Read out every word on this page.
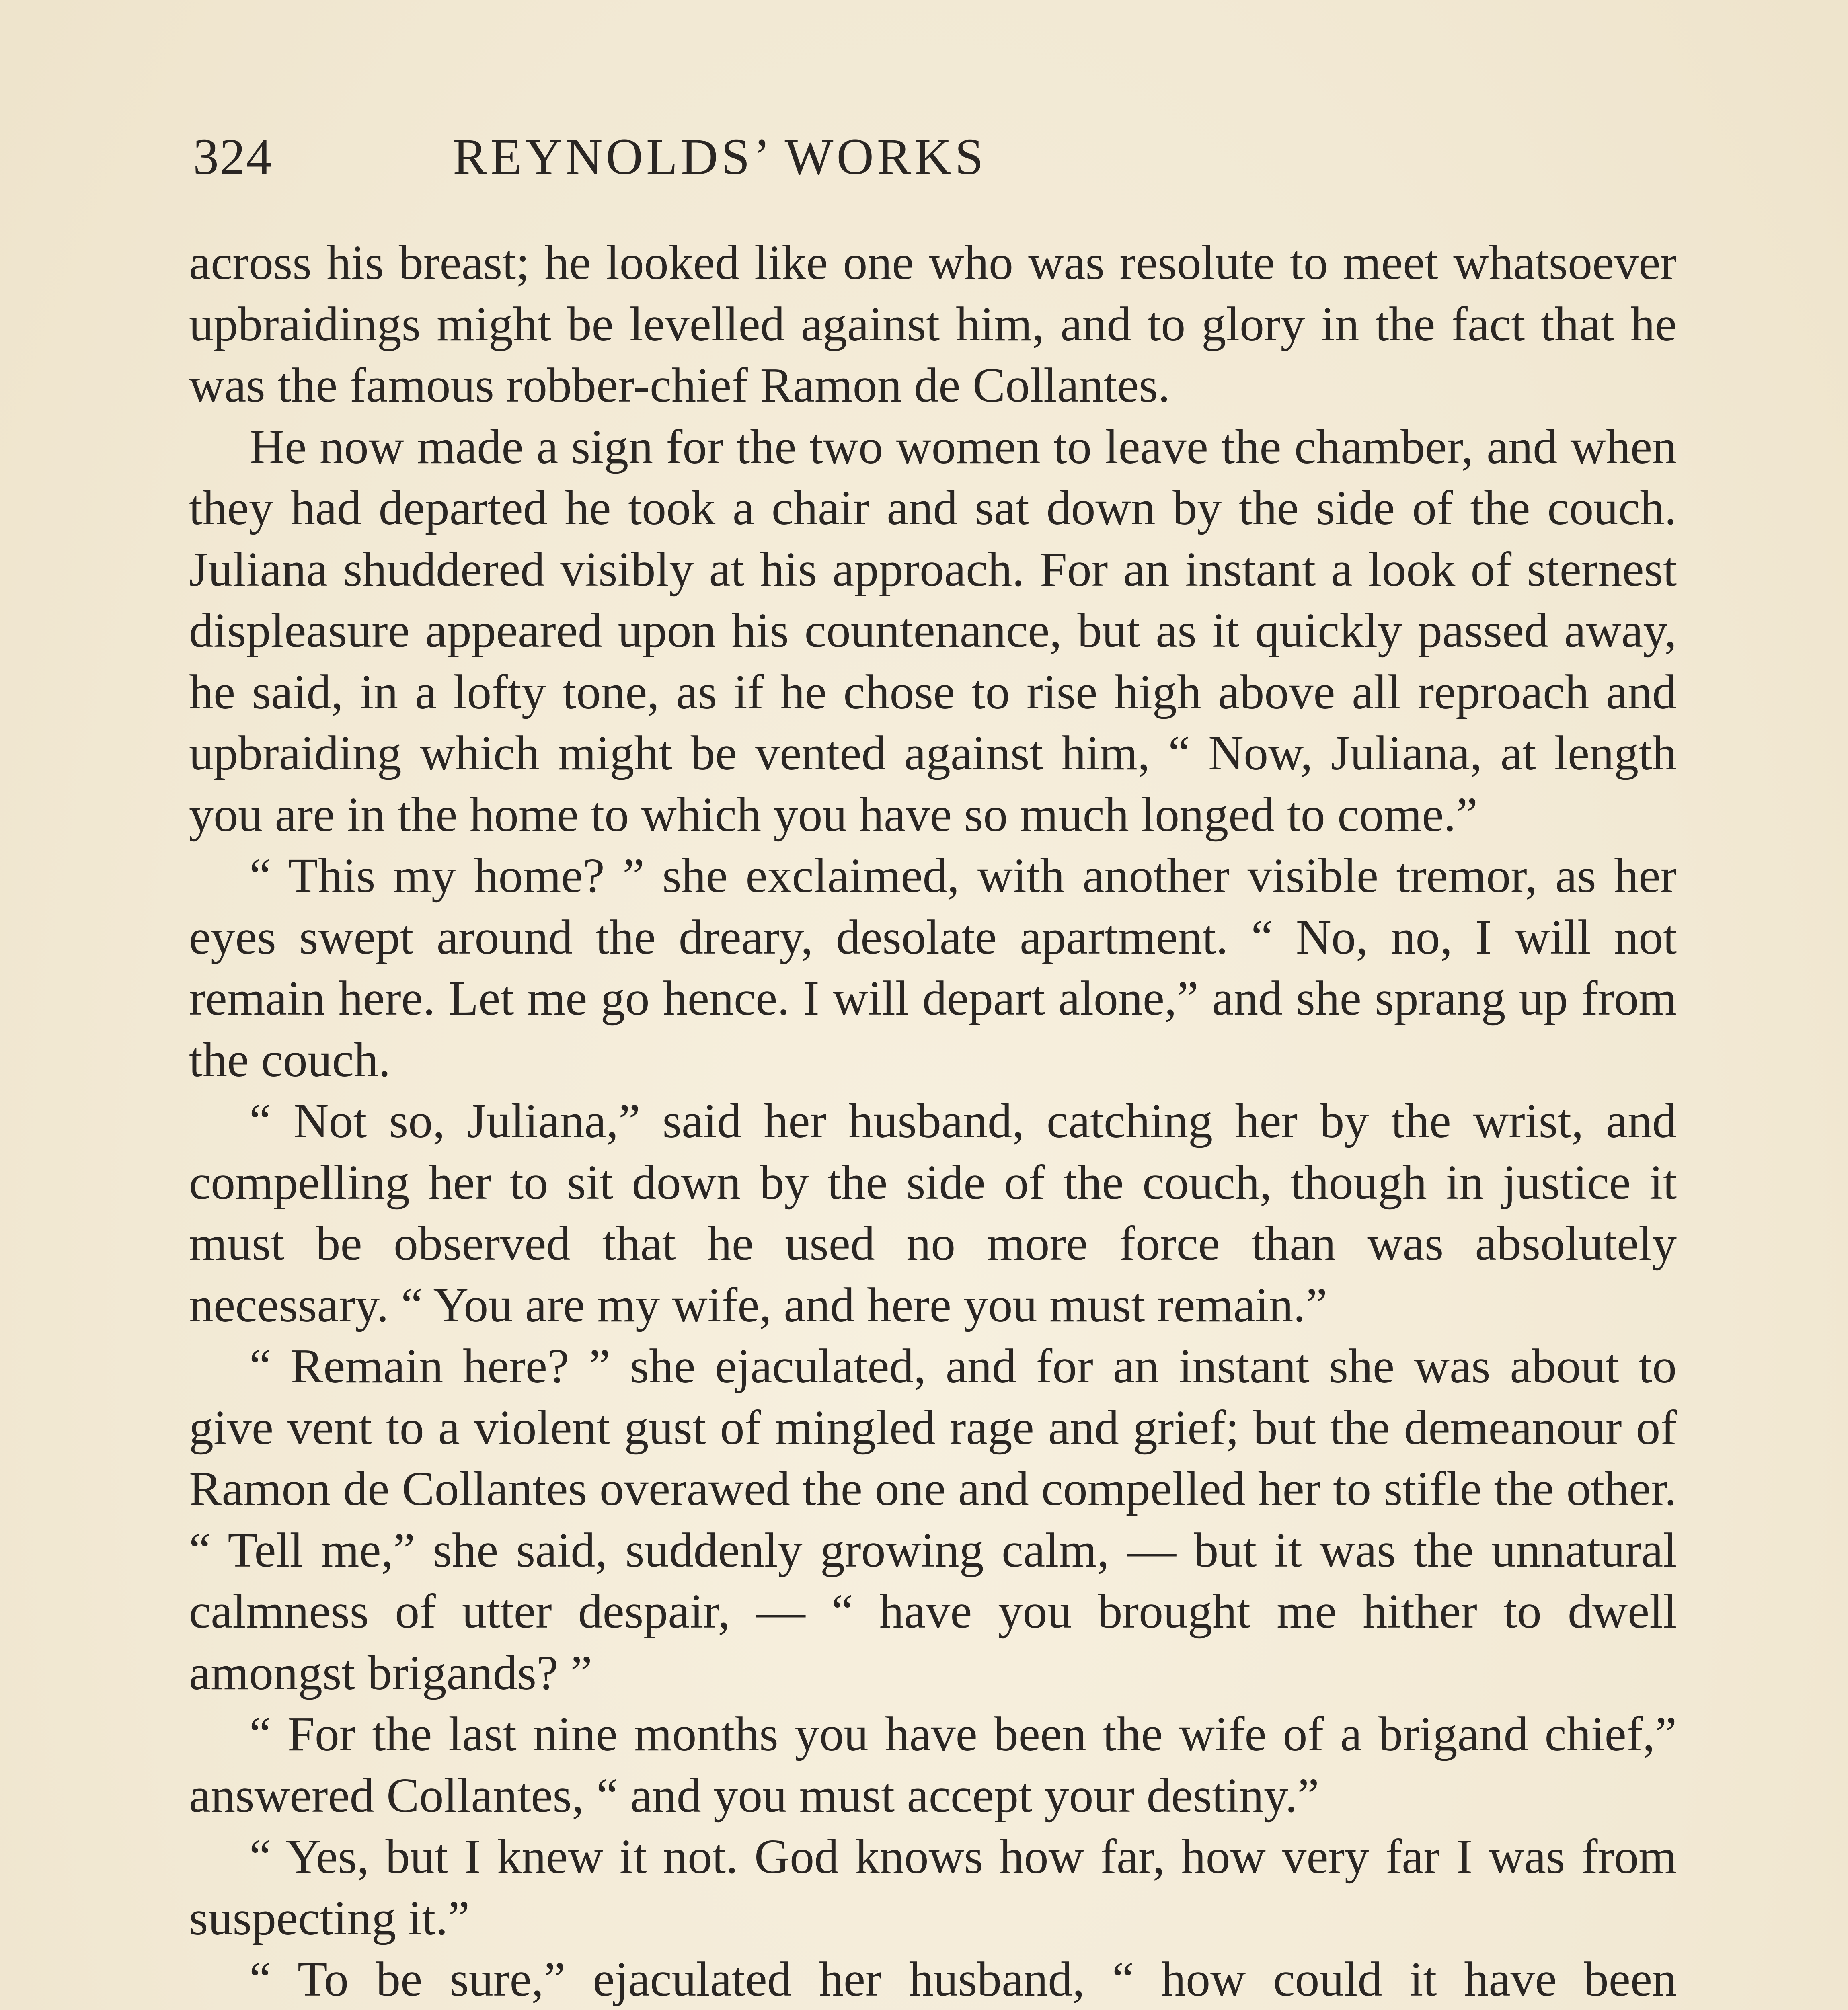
324	REYNOLDS’ WORKS

across his breast; he looked like one who was resolute to meet whatsoever upbraidings might be levelled against him, and to glory in the fact that he was the famous robber-chief Ramon de Collantes.

He now made a sign for the two women to leave the chamber, and when they had departed he took a chair and sat down by the side of the couch. Juliana shuddered visibly at his approach. For an instant a look of sternest displeasure appeared upon his countenance, but as it quickly passed away, he said, in a lofty tone, as if he chose to rise high above all reproach and upbraiding which might be vented against him, “ Now, Juliana, at length you are in the home to which you have so much longed to come.”

“ This my home? ” she exclaimed, with another visible tremor, as her eyes swept around the dreary, desolate apartment. “ No, no, I will not remain here. Let me go hence. I will depart alone,” and she sprang up from the couch.

“ Not so, Juliana,” said her husband, catching her by the wrist, and compelling her to sit down by the side of the couch, though in justice it must be observed that he used no more force than was absolutely necessary. “ You are my wife, and here you must remain.”

“ Remain here? ” she ejaculated, and for an instant she was about to give vent to a violent gust of mingled rage and grief; but the demeanour of Ramon de Collantes overawed the one and compelled her to stifle the other. “ Tell me,” she said, suddenly growing calm, — but it was the unnatural calmness of utter despair, — “ have you brought me hither to dwell amongst brigands? ”

“ For the last nine months you have been the wife of a brigand chief,” answered Collantes, “ and you must accept your destiny.”

“ Yes, but I knew it not. God knows how far, how very far I was from suspecting it.”

“ To be sure,” ejaculated her husband, “ how could it have been
